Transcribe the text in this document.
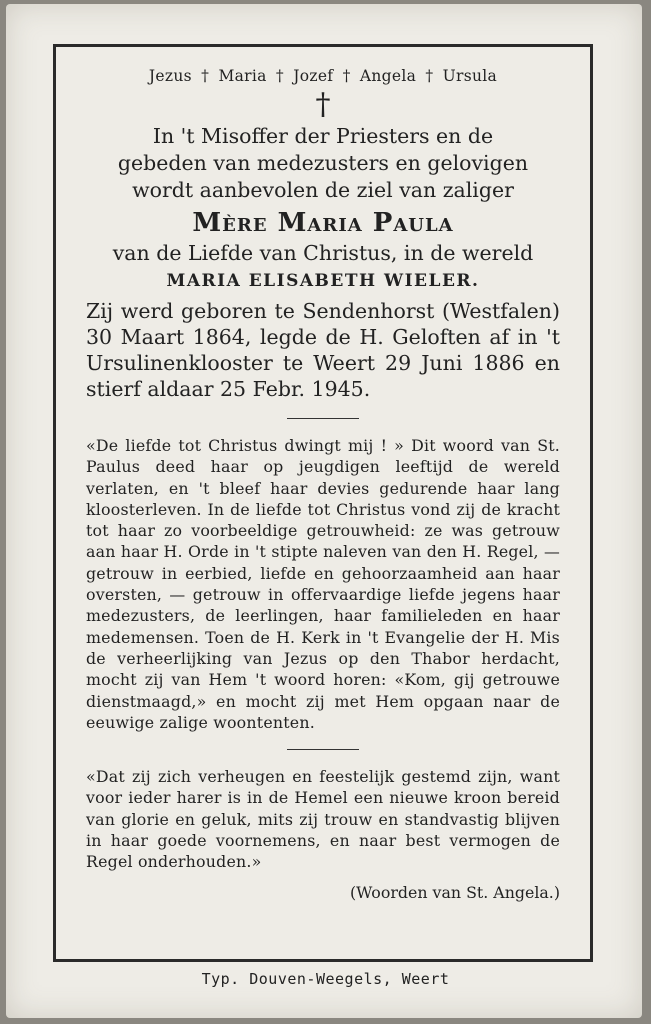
Jezus † Maria † Jozef † Angela † Ursula
†
In 't Misoffer der Priesters en de
gebeden van medezusters en gelovigen
wordt aanbevolen de ziel van zaliger
Mère Maria Paula
van de Liefde van Christus, in de wereld
MARIA ELISABETH WIELER.
Zij werd geboren te Sendenhorst (Westfalen) 30 Maart 1864, legde de H. Geloften af in 't Ursulinenklooster te Weert 29 Juni 1886 en stierf aldaar 25 Febr. 1945.
«De liefde tot Christus dwingt mij ! » Dit woord van St. Paulus deed haar op jeugdigen leeftijd de wereld verlaten, en 't bleef haar devies gedurende haar lang kloosterleven. In de liefde tot Christus vond zij de kracht tot haar zo voorbeeldige getrouwheid: ze was getrouw aan haar H. Orde in 't stipte naleven van den H. Regel, — getrouw in eerbied, liefde en gehoorzaamheid aan haar oversten, — getrouw in offervaardige liefde jegens haar medezusters, de leerlingen, haar familieleden en haar medemensen. Toen de H. Kerk in 't Evangelie der H. Mis de verheerlijking van Jezus op den Thabor herdacht, mocht zij van Hem 't woord horen: «Kom, gij getrouwe dienstmaagd,» en mocht zij met Hem opgaan naar de eeuwige zalige woontenten.
«Dat zij zich verheugen en feestelijk gestemd zijn, want voor ieder harer is in de Hemel een nieuwe kroon bereid van glorie en geluk, mits zij trouw en standvastig blijven in haar goede voornemens, en naar best vermogen de Regel onderhouden.»
(Woorden van St. Angela.)
Typ. Douven-Weegels, Weert
